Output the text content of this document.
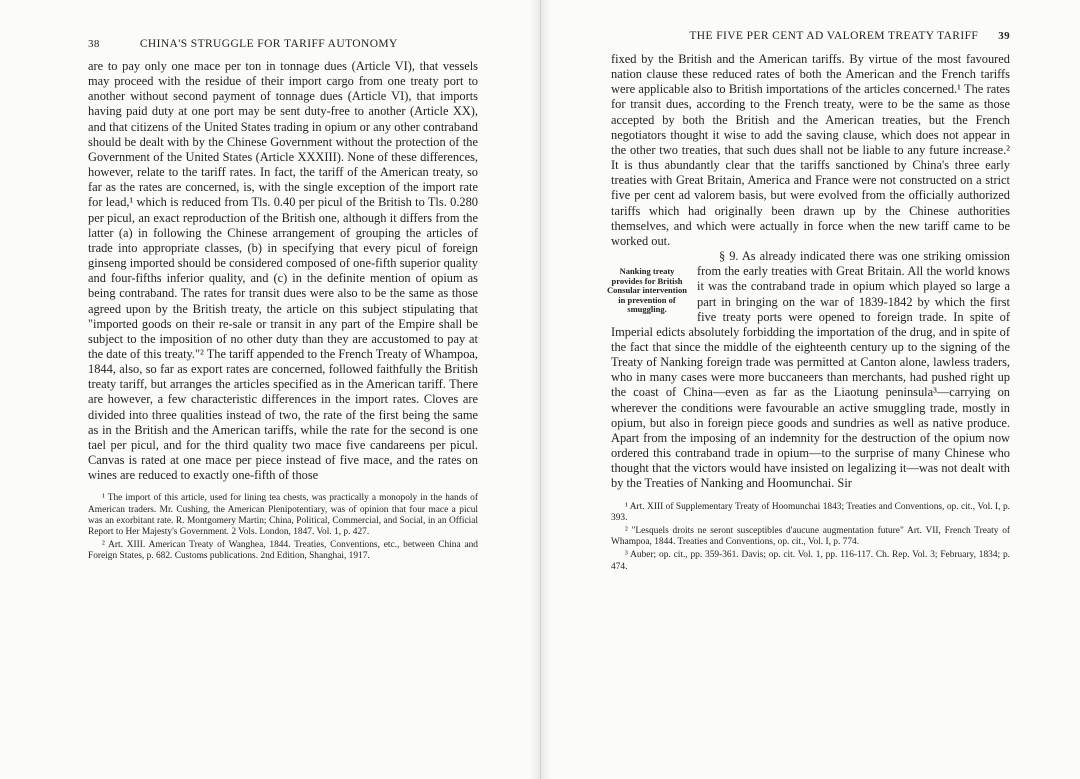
38	CHINA'S STRUGGLE FOR TARIFF AUTONOMY

are to pay only one mace per ton in tonnage dues (Article VI), that vessels may proceed with the residue of their import cargo from one treaty port to another without second payment of tonnage dues (Article VI), that imports having paid duty at one port may be sent duty-free to another (Article XX), and that citizens of the United States trading in opium or any other contraband should be dealt with by the Chinese Government without the protection of the Government of the United States (Article XXXIII). None of these differences, however, relate to the tariff rates. In fact, the tariff of the American treaty, so far as the rates are concerned, is, with the single exception of the import rate for lead,¹ which is reduced from Tls. 0.40 per picul of the British to Tls. 0.280 per picul, an exact reproduction of the British one, although it differs from the latter (a) in following the Chinese arrangement of grouping the articles of trade into appropriate classes, (b) in specifying that every picul of foreign ginseng imported should be considered composed of one-fifth superior quality and four-fifths inferior quality, and (c) in the definite mention of opium as being contraband. The rates for transit dues were also to be the same as those agreed upon by the British treaty, the article on this subject stipulating that "imported goods on their re-sale or transit in any part of the Empire shall be subject to the imposition of no other duty than they are accustomed to pay at the date of this treaty."² The tariff appended to the French Treaty of Whampoa, 1844, also, so far as export rates are concerned, followed faithfully the British treaty tariff, but arranges the articles specified as in the American tariff. There are however, a few characteristic differences in the import rates. Cloves are divided into three qualities instead of two, the rate of the first being the same as in the British and the American tariffs, while the rate for the second is one tael per picul, and for the third quality two mace five candareens per picul. Canvas is rated at one mace per piece instead of five mace, and the rates on wines are reduced to exactly one-fifth of those

¹ The import of this article, used for lining tea chests, was practically a monopoly in the hands of American traders. Mr. Cushing, the American Plenipotentiary, was of opinion that four mace a picul was an exorbitant rate. R. Montgomery Martin; China, Political, Commercial, and Social, in an Official Report to Her Majesty's Government. 2 Vols. London, 1847. Vol. 1, p. 427.

² Art. XIII. American Treaty of Wanghea, 1844. Treaties, Conventions, etc., between China and Foreign States, p. 682. Customs publications. 2nd Edition, Shanghai, 1917.

THE FIVE PER CENT AD VALOREM TREATY TARIFF 39

fixed by the British and the American tariffs. By virtue of the most favoured nation clause these reduced rates of both the American and the French tariffs were applicable also to British importations of the articles concerned.¹ The rates for transit dues, according to the French treaty, were to be the same as those accepted by both the British and the American treaties, but the French negotiators thought it wise to add the saving clause, which does not appear in the other two treaties, that such dues shall not be liable to any future increase.² It is thus abundantly clear that the tariffs sanctioned by China's three early treaties with Great Britain, America and France were not constructed on a strict five per cent ad valorem basis, but were evolved from the officially authorized tariffs which had originally been drawn up by the Chinese authorities themselves, and which were actually in force when the new tariff came to be worked out.

Nanking treaty provides for British Consular intervention in prevention of smuggling.

§ 9. As already indicated there was one striking omission from the early treaties with Great Britain. All the world knows it was the contraband trade in opium which played so large a part in bringing on the war of 1839-1842 by which the first five treaty ports were opened to foreign trade. In spite of Imperial edicts absolutely forbidding the importation of the drug, and in spite of the fact that since the middle of the eighteenth century up to the signing of the Treaty of Nanking foreign trade was permitted at Canton alone, lawless traders, who in many cases were more buccaneers than merchants, had pushed right up the coast of China—even as far as the Liaotung peninsula³—carrying on wherever the conditions were favourable an active smuggling trade, mostly in opium, but also in foreign piece goods and sundries as well as native produce. Apart from the imposing of an indemnity for the destruction of the opium now ordered this contraband trade in opium—to the surprise of many Chinese who thought that the victors would have insisted on legalizing it—was not dealt with by the Treaties of Nanking and Hoomunchai. Sir

¹ Art. XIII of Supplementary Treaty of Hoomunchai 1843; Treaties and Conventions, op. cit., Vol. I, p. 393.

² "Lesquels droits ne seront susceptibles d'aucune augmentation future" Art. VII, French Treaty of Whampoa, 1844. Treaties and Conventions, op. cit., Vol. I, p. 774.

³ Auber; op. cit., pp. 359-361. Davis; op. cit. Vol. 1, pp. 116-117. Ch. Rep. Vol. 3; February, 1834; p. 474.
